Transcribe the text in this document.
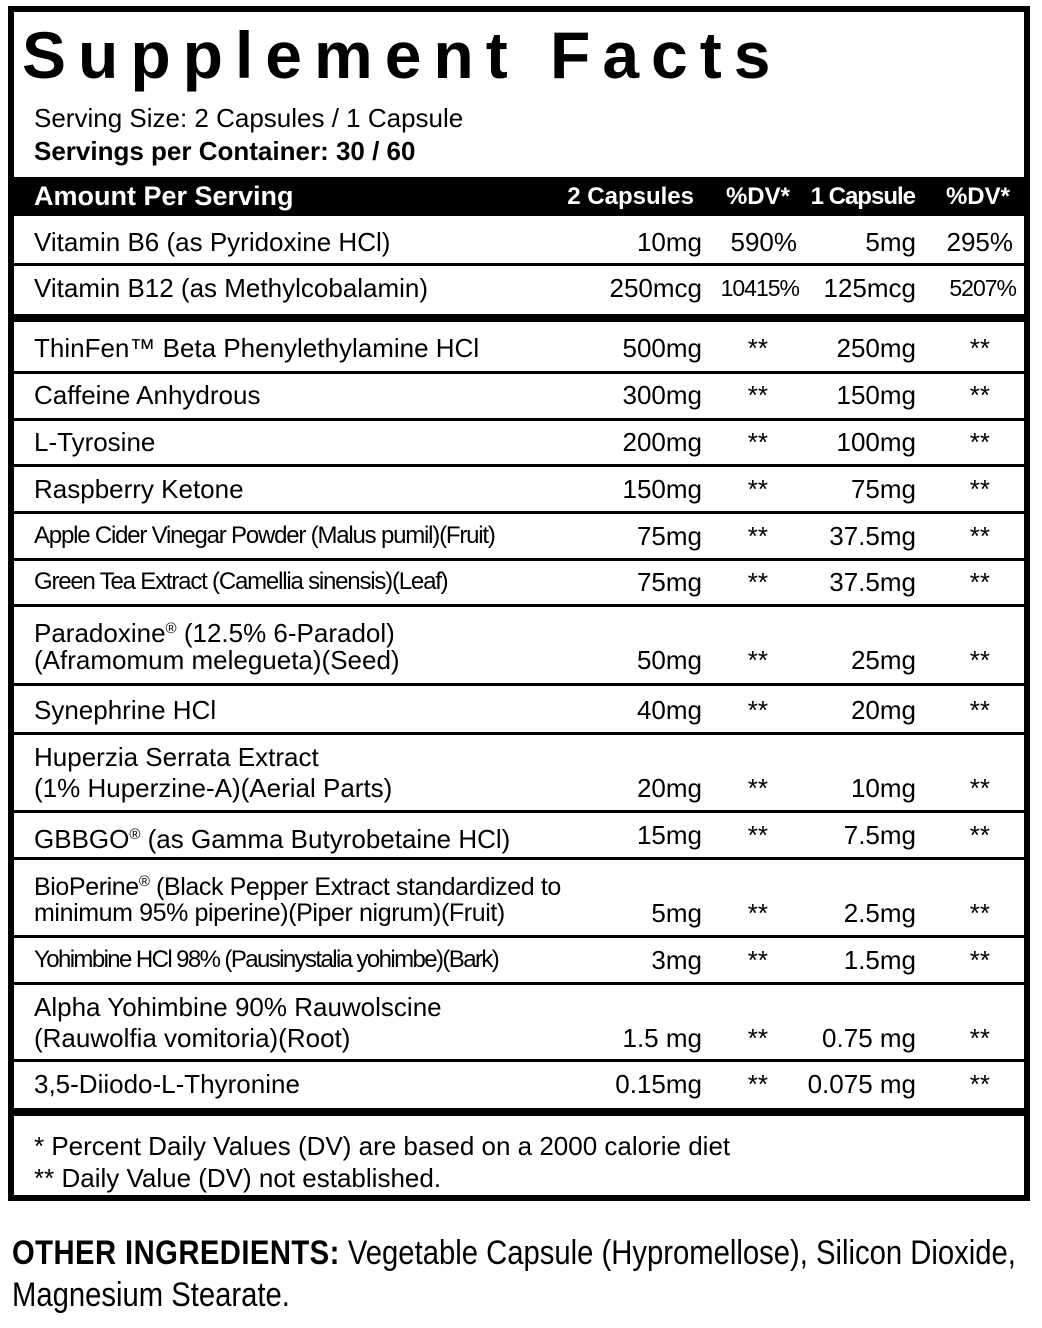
Supplement Facts
Serving Size: 2 Capsules / 1 Capsule
Servings per Container: 30 / 60
Amount Per Serving	2 Capsules %DV* 1 Capsule %DV*
Vitamin B6 (as Pyridoxine HCl)	10mg 590%	5mg 295%
Vitamin B12 (as Methylcobalamin)	250mcg 10415% 125mcg 5207%
ThinFen™ Beta Phenylethylamine HCl	500mg **	250mg **
Caffeine Anhydrous	300mg **	150mg **
L-Tyrosine	200mg **	100mg **
Raspberry Ketone	150mg **	75mg **
Apple Cider Vinegar Powder (Malus pumil)(Fruit)	75mg ** 37.5mg **
Green Tea Extract (Camellia sinensis)(Leaf)	75mg ** 37.5mg **
Paradoxine® (12.5% 6-Paradol)
(Aframomum melegueta)(Seed)	50mg **	25mg **
Synephrine HCl	40mg **	20mg **
Huperzia Serrata Extract
(1% Huperzine-A)(Aerial Parts)	20mg **	10mg **
GBBGO® (as Gamma Butyrobetaine HCl)	15mg **	7.5mg **
BioPerine® (Black Pepper Extract standardized to
minimum 95% piperine)(Piper nigrum)(Fruit)	5mg **	2.5mg **
Yohimbine HCl 98% (Pausinystalia yohimbe)(Bark)	3mg **	1.5mg **
Alpha Yohimbine 90% Rauwolscine
(Rauwolfia vomitoria)(Root)	1.5 mg ** 0.75 mg **
3,5-Diiodo-L-Thyronine	0.15mg ** 0.075 mg **
* Percent Daily Values (DV) are based on a 2000 calorie diet
** Daily Value (DV) not established.
OTHER INGREDIENTS: Vegetable Capsule (Hypromellose), Silicon Dioxide, Magnesium Stearate.
